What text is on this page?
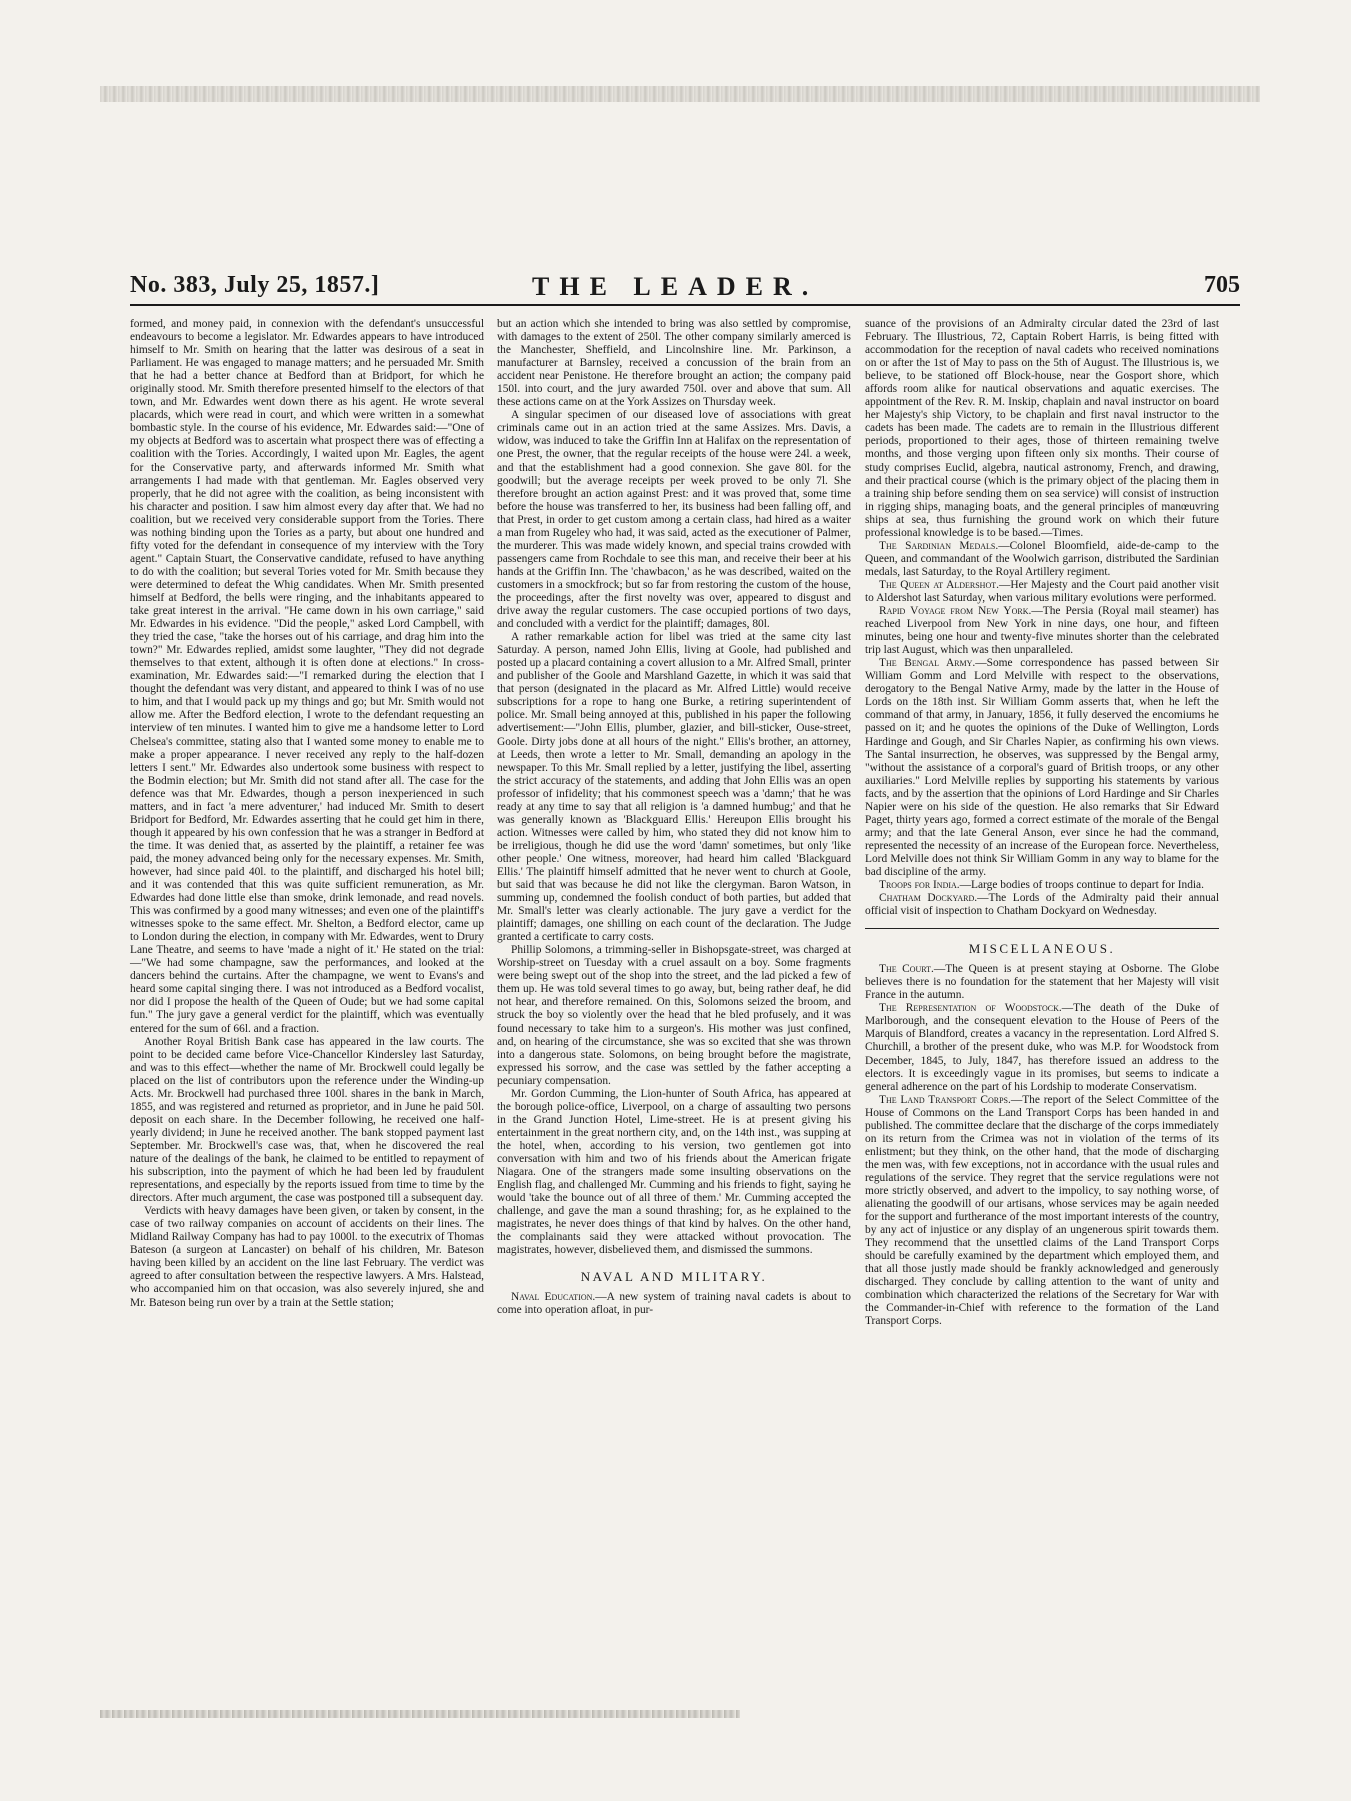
No. 383, July 25, 1857.]	THE LEADER.	705

formed, and money paid, in connexion with the defendant's unsuccessful endeavours to become a legislator. Mr. Edwardes appears to have introduced himself to Mr. Smith on hearing that the latter was desirous of a seat in Parliament. He was engaged to manage matters; and he persuaded Mr. Smith that he had a better chance at Bedford than at Bridport, for which he originally stood. Mr. Smith therefore presented himself to the electors of that town, and Mr. Edwardes went down there as his agent. He wrote several placards, which were read in court, and which were written in a somewhat bombastic style. In the course of his evidence, Mr. Edwardes said:—"One of my objects at Bedford was to ascertain what prospect there was of effecting a coalition with the Tories. Accordingly, I waited upon Mr. Eagles, the agent for the Conservative party, and afterwards informed Mr. Smith what arrangements I had made with that gentleman. Mr. Eagles observed very properly, that he did not agree with the coalition, as being inconsistent with his character and position. I saw him almost every day after that. We had no coalition, but we received very considerable support from the Tories. There was nothing binding upon the Tories as a party, but about one hundred and fifty voted for the defendant in consequence of my interview with the Tory agent." Captain Stuart, the Conservative candidate, refused to have anything to do with the coalition; but several Tories voted for Mr. Smith because they were determined to defeat the Whig candidates. When Mr. Smith presented himself at Bedford, the bells were ringing, and the inhabitants appeared to take great interest in the arrival. "He came down in his own carriage," said Mr. Edwardes in his evidence. "Did the people," asked Lord Campbell, with they tried the case, "take the horses out of his carriage, and drag him into the town?" Mr. Edwardes replied, amidst some laughter, "They did not degrade themselves to that extent, although it is often done at elections." In cross-examination, Mr. Edwardes said:—"I remarked during the election that I thought the defendant was very distant, and appeared to think I was of no use to him, and that I would pack up my things and go; but Mr. Smith would not allow me. After the Bedford election, I wrote to the defendant requesting an interview of ten minutes. I wanted him to give me a handsome letter to Lord Chelsea's committee, stating also that I wanted some money to enable me to make a proper appearance. I never received any reply to the half-dozen letters I sent." Mr. Edwardes also undertook some business with respect to the Bodmin election; but Mr. Smith did not stand after all. The case for the defence was that Mr. Edwardes, though a person inexperienced in such matters, and in fact 'a mere adventurer,' had induced Mr. Smith to desert Bridport for Bedford, Mr. Edwardes asserting that he could get him in there, though it appeared by his own confession that he was a stranger in Bedford at the time. It was denied that, as asserted by the plaintiff, a retainer fee was paid, the money advanced being only for the necessary expenses. Mr. Smith, however, had since paid 40l. to the plaintiff, and discharged his hotel bill; and it was contended that this was quite sufficient remuneration, as Mr. Edwardes had done little else than smoke, drink lemonade, and read novels. This was confirmed by a good many witnesses; and even one of the plaintiff's witnesses spoke to the same effect. Mr. Shelton, a Bedford elector, came up to London during the election, in company with Mr. Edwardes, went to Drury Lane Theatre, and seems to have 'made a night of it.' He stated on the trial:—"We had some champagne, saw the performances, and looked at the dancers behind the curtains. After the champagne, we went to Evans's and heard some capital singing there. I was not introduced as a Bedford vocalist, nor did I propose the health of the Queen of Oude; but we had some capital fun." The jury gave a general verdict for the plaintiff, which was eventually entered for the sum of 66l. and a fraction.

Another Royal British Bank case has appeared in the law courts. The point to be decided came before Vice-Chancellor Kindersley last Saturday, and was to this effect—whether the name of Mr. Brockwell could legally be placed on the list of contributors upon the reference under the Winding-up Acts. Mr. Brockwell had purchased three 100l. shares in the bank in March, 1855, and was registered and returned as proprietor, and in June he paid 50l. deposit on each share. In the December following, he received one half-yearly dividend; in June he received another. The bank stopped payment last September. Mr. Brockwell's case was, that, when he discovered the real nature of the dealings of the bank, he claimed to be entitled to repayment of his subscription, into the payment of which he had been led by fraudulent representations, and especially by the reports issued from time to time by the directors. After much argument, the case was postponed till a subsequent day.

Verdicts with heavy damages have been given, or taken by consent, in the case of two railway companies on account of accidents on their lines. The Midland Railway Company has had to pay 1000l. to the executrix of Thomas Bateson (a surgeon at Lancaster) on behalf of his children, Mr. Bateson having been killed by an accident on the line last February. The verdict was agreed to after consultation between the respective lawyers. A Mrs. Halstead, who accompanied him on that occasion, was also severely injured, she and Mr. Bateson being run over by a train at the Settle station;

but an action which she intended to bring was also settled by compromise, with damages to the extent of 250l. The other company similarly amerced is the Manchester, Sheffield, and Lincolnshire line. Mr. Parkinson, a manufacturer at Barnsley, received a concussion of the brain from an accident near Penistone. He therefore brought an action; the company paid 150l. into court, and the jury awarded 750l. over and above that sum. All these actions came on at the York Assizes on Thursday week.

A singular specimen of our diseased love of associations with great criminals came out in an action tried at the same Assizes. Mrs. Davis, a widow, was induced to take the Griffin Inn at Halifax on the representation of one Prest, the owner, that the regular receipts of the house were 24l. a week, and that the establishment had a good connexion. She gave 80l. for the goodwill; but the average receipts per week proved to be only 7l. She therefore brought an action against Prest: and it was proved that, some time before the house was transferred to her, its business had been falling off, and that Prest, in order to get custom among a certain class, had hired as a waiter a man from Rugeley who had, it was said, acted as the executioner of Palmer, the murderer. This was made widely known, and special trains crowded with passengers came from Rochdale to see this man, and receive their beer at his hands at the Griffin Inn. The 'chawbacon,' as he was described, waited on the customers in a smockfrock; but so far from restoring the custom of the house, the proceedings, after the first novelty was over, appeared to disgust and drive away the regular customers. The case occupied portions of two days, and concluded with a verdict for the plaintiff; damages, 80l.

A rather remarkable action for libel was tried at the same city last Saturday. A person, named John Ellis, living at Goole, had published and posted up a placard containing a covert allusion to a Mr. Alfred Small, printer and publisher of the Goole and Marshland Gazette, in which it was said that that person (designated in the placard as Mr. Alfred Little) would receive subscriptions for a rope to hang one Burke, a retiring superintendent of police. Mr. Small being annoyed at this, published in his paper the following advertisement:—"John Ellis, plumber, glazier, and bill-sticker, Ouse-street, Goole. Dirty jobs done at all hours of the night." Ellis's brother, an attorney, at Leeds, then wrote a letter to Mr. Small, demanding an apology in the newspaper. To this Mr. Small replied by a letter, justifying the libel, asserting the strict accuracy of the statements, and adding that John Ellis was an open professor of infidelity; that his commonest speech was a 'damn;' that he was ready at any time to say that all religion is 'a damned humbug;' and that he was generally known as 'Blackguard Ellis.' Hereupon Ellis brought his action. Witnesses were called by him, who stated they did not know him to be irreligious, though he did use the word 'damn' sometimes, but only 'like other people.' One witness, moreover, had heard him called 'Blackguard Ellis.' The plaintiff himself admitted that he never went to church at Goole, but said that was because he did not like the clergyman. Baron Watson, in summing up, condemned the foolish conduct of both parties, but added that Mr. Small's letter was clearly actionable. The jury gave a verdict for the plaintiff; damages, one shilling on each count of the declaration. The Judge granted a certificate to carry costs.

Phillip Solomons, a trimming-seller in Bishopsgate-street, was charged at Worship-street on Tuesday with a cruel assault on a boy. Some fragments were being swept out of the shop into the street, and the lad picked a few of them up. He was told several times to go away, but, being rather deaf, he did not hear, and therefore remained. On this, Solomons seized the broom, and struck the boy so violently over the head that he bled profusely, and it was found necessary to take him to a surgeon's. His mother was just confined, and, on hearing of the circumstance, she was so excited that she was thrown into a dangerous state. Solomons, on being brought before the magistrate, expressed his sorrow, and the case was settled by the father accepting a pecuniary compensation.

Mr. Gordon Cumming, the Lion-hunter of South Africa, has appeared at the borough police-office, Liverpool, on a charge of assaulting two persons in the Grand Junction Hotel, Lime-street. He is at present giving his entertainment in the great northern city, and, on the 14th inst., was supping at the hotel, when, according to his version, two gentlemen got into conversation with him and two of his friends about the American frigate Niagara. One of the strangers made some insulting observations on the English flag, and challenged Mr. Cumming and his friends to fight, saying he would 'take the bounce out of all three of them.' Mr. Cumming accepted the challenge, and gave the man a sound thrashing; for, as he explained to the magistrates, he never does things of that kind by halves. On the other hand, the complainants said they were attacked without provocation. The magistrates, however, disbelieved them, and dismissed the summons.

NAVAL AND MILITARY.

Naval Education.—A new system of training naval cadets is about to come into operation afloat, in pur-

suance of the provisions of an Admiralty circular dated the 23rd of last February. The Illustrious, 72, Captain Robert Harris, is being fitted with accommodation for the reception of naval cadets who received nominations on or after the 1st of May to pass on the 5th of August. The Illustrious is, we believe, to be stationed off Block-house, near the Gosport shore, which affords room alike for nautical observations and aquatic exercises. The appointment of the Rev. R. M. Inskip, chaplain and naval instructor on board her Majesty's ship Victory, to be chaplain and first naval instructor to the cadets has been made. The cadets are to remain in the Illustrious different periods, proportioned to their ages, those of thirteen remaining twelve months, and those verging upon fifteen only six months. Their course of study comprises Euclid, algebra, nautical astronomy, French, and drawing, and their practical course (which is the primary object of the placing them in a training ship before sending them on sea service) will consist of instruction in rigging ships, managing boats, and the general principles of manœuvring ships at sea, thus furnishing the ground work on which their future professional knowledge is to be based.—Times.

The Sardinian Medals.—Colonel Bloomfield, aide-de-camp to the Queen, and commandant of the Woolwich garrison, distributed the Sardinian medals, last Saturday, to the Royal Artillery regiment.

The Queen at Aldershot.—Her Majesty and the Court paid another visit to Aldershot last Saturday, when various military evolutions were performed.

Rapid Voyage from New York.—The Persia (Royal mail steamer) has reached Liverpool from New York in nine days, one hour, and fifteen minutes, being one hour and twenty-five minutes shorter than the celebrated trip last August, which was then unparalleled.

The Bengal Army.—Some correspondence has passed between Sir William Gomm and Lord Melville with respect to the observations, derogatory to the Bengal Native Army, made by the latter in the House of Lords on the 18th inst. Sir William Gomm asserts that, when he left the command of that army, in January, 1856, it fully deserved the encomiums he passed on it; and he quotes the opinions of the Duke of Wellington, Lords Hardinge and Gough, and Sir Charles Napier, as confirming his own views. The Santal insurrection, he observes, was suppressed by the Bengal army, "without the assistance of a corporal's guard of British troops, or any other auxiliaries." Lord Melville replies by supporting his statements by various facts, and by the assertion that the opinions of Lord Hardinge and Sir Charles Napier were on his side of the question. He also remarks that Sir Edward Paget, thirty years ago, formed a correct estimate of the morale of the Bengal army; and that the late General Anson, ever since he had the command, represented the necessity of an increase of the European force. Nevertheless, Lord Melville does not think Sir William Gomm in any way to blame for the bad discipline of the army.

Troops for India.—Large bodies of troops continue to depart for India.

Chatham Dockyard.—The Lords of the Admiralty paid their annual official visit of inspection to Chatham Dockyard on Wednesday.

MISCELLANEOUS.

The Court.—The Queen is at present staying at Osborne. The Globe believes there is no foundation for the statement that her Majesty will visit France in the autumn.

The Representation of Woodstock.—The death of the Duke of Marlborough, and the consequent elevation to the House of Peers of the Marquis of Blandford, creates a vacancy in the representation. Lord Alfred S. Churchill, a brother of the present duke, who was M.P. for Woodstock from December, 1845, to July, 1847, has therefore issued an address to the electors. It is exceedingly vague in its promises, but seems to indicate a general adherence on the part of his Lordship to moderate Conservatism.

The Land Transport Corps.—The report of the Select Committee of the House of Commons on the Land Transport Corps has been handed in and published. The committee declare that the discharge of the corps immediately on its return from the Crimea was not in violation of the terms of its enlistment; but they think, on the other hand, that the mode of discharging the men was, with few exceptions, not in accordance with the usual rules and regulations of the service. They regret that the service regulations were not more strictly observed, and advert to the impolicy, to say nothing worse, of alienating the goodwill of our artisans, whose services may be again needed for the support and furtherance of the most important interests of the country, by any act of injustice or any display of an ungenerous spirit towards them. They recommend that the unsettled claims of the Land Transport Corps should be carefully examined by the department which employed them, and that all those justly made should be frankly acknowledged and generously discharged. They conclude by calling attention to the want of unity and combination which characterized the relations of the Secretary for War with the Commander-in-Chief with reference to the formation of the Land Transport Corps.
